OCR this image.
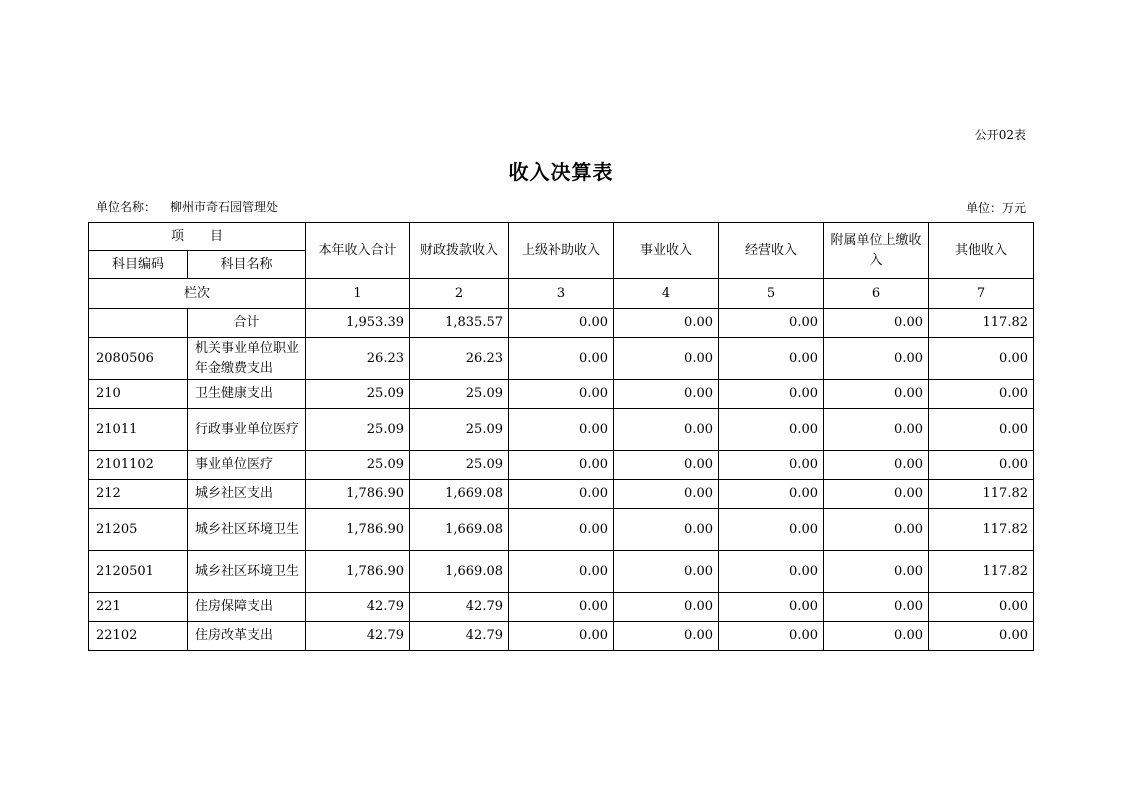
公开02表
收入决算表
单位名称： 柳州市奇石园管理处	单位：万元
项　　目		本年收入合计	财政拨款收入	上级补助收入	事业收入	经营收入	附属单位上缴收入	其他收入
科目编码	科目名称							
栏次		1	2	3	4	5	6	7
	合计	1,953.39	1,835.57	0.00	0.00	0.00	0.00	117.82
2080506	机关事业单位职业年金缴费支出	26.23	26.23	0.00	0.00	0.00	0.00	0.00
210	卫生健康支出	25.09	25.09	0.00	0.00	0.00	0.00	0.00
21011	行政事业单位医疗	25.09	25.09	0.00	0.00	0.00	0.00	0.00
2101102	事业单位医疗	25.09	25.09	0.00	0.00	0.00	0.00	0.00
212	城乡社区支出	1,786.90	1,669.08	0.00	0.00	0.00	0.00	117.82
21205	城乡社区环境卫生	1,786.90	1,669.08	0.00	0.00	0.00	0.00	117.82
2120501	城乡社区环境卫生	1,786.90	1,669.08	0.00	0.00	0.00	0.00	117.82
221	住房保障支出	42.79	42.79	0.00	0.00	0.00	0.00	0.00
22102	住房改革支出	42.79	42.79	0.00	0.00	0.00	0.00	0.00
